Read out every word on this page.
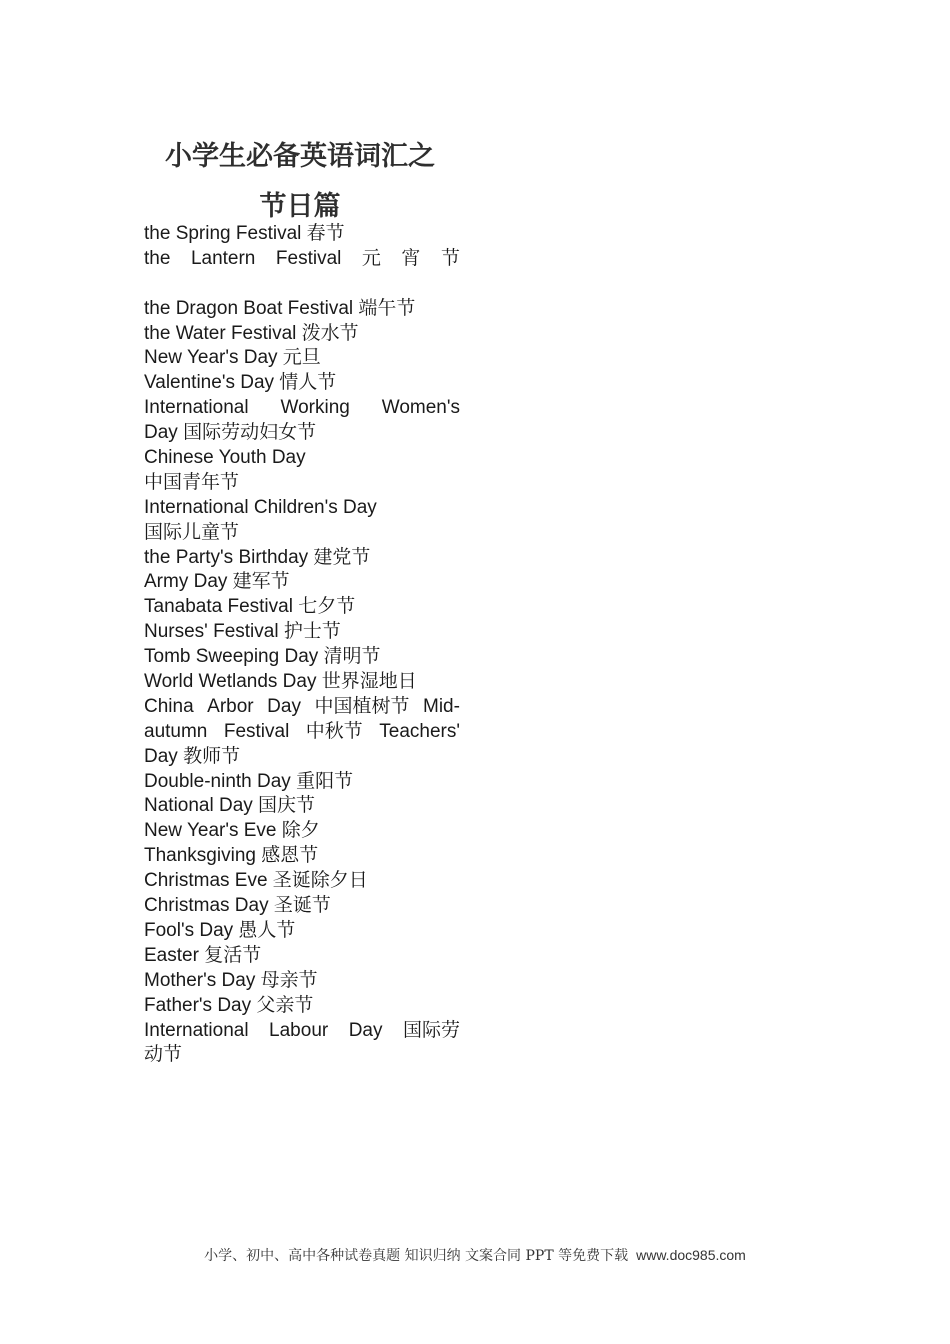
小学生必备英语词汇之
节日篇
the Spring Festival 春节
the Lantern Festival 元 宵 节
the Dragon Boat Festival 端午节
the Water Festival 泼水节
New Year's Day 元旦
Valentine's Day 情人节
International Working Women's
Day 国际劳动妇女节
Chinese Youth Day
中国青年节
International Children's Day
国际儿童节
the Party's Birthday 建党节
Army Day 建军节
Tanabata Festival 七夕节
Nurses' Festival 护士节
Tomb Sweeping Day 清明节
World Wetlands Day 世界湿地日
China Arbor Day 中国植树节 Mid-
autumn Festival 中秋节 Teachers'
Day 教师节
Double-ninth Day 重阳节
National Day 国庆节
New Year's Eve 除夕
Thanksgiving 感恩节
Christmas Eve 圣诞除夕日
Christmas Day 圣诞节
Fool's Day 愚人节
Easter 复活节
Mother's Day 母亲节
Father's Day 父亲节
International Labour Day 国际劳
动节
小学、初中、高中各种试卷真题 知识归纳 文案合同 PPT 等免费下载 www.doc985.com
